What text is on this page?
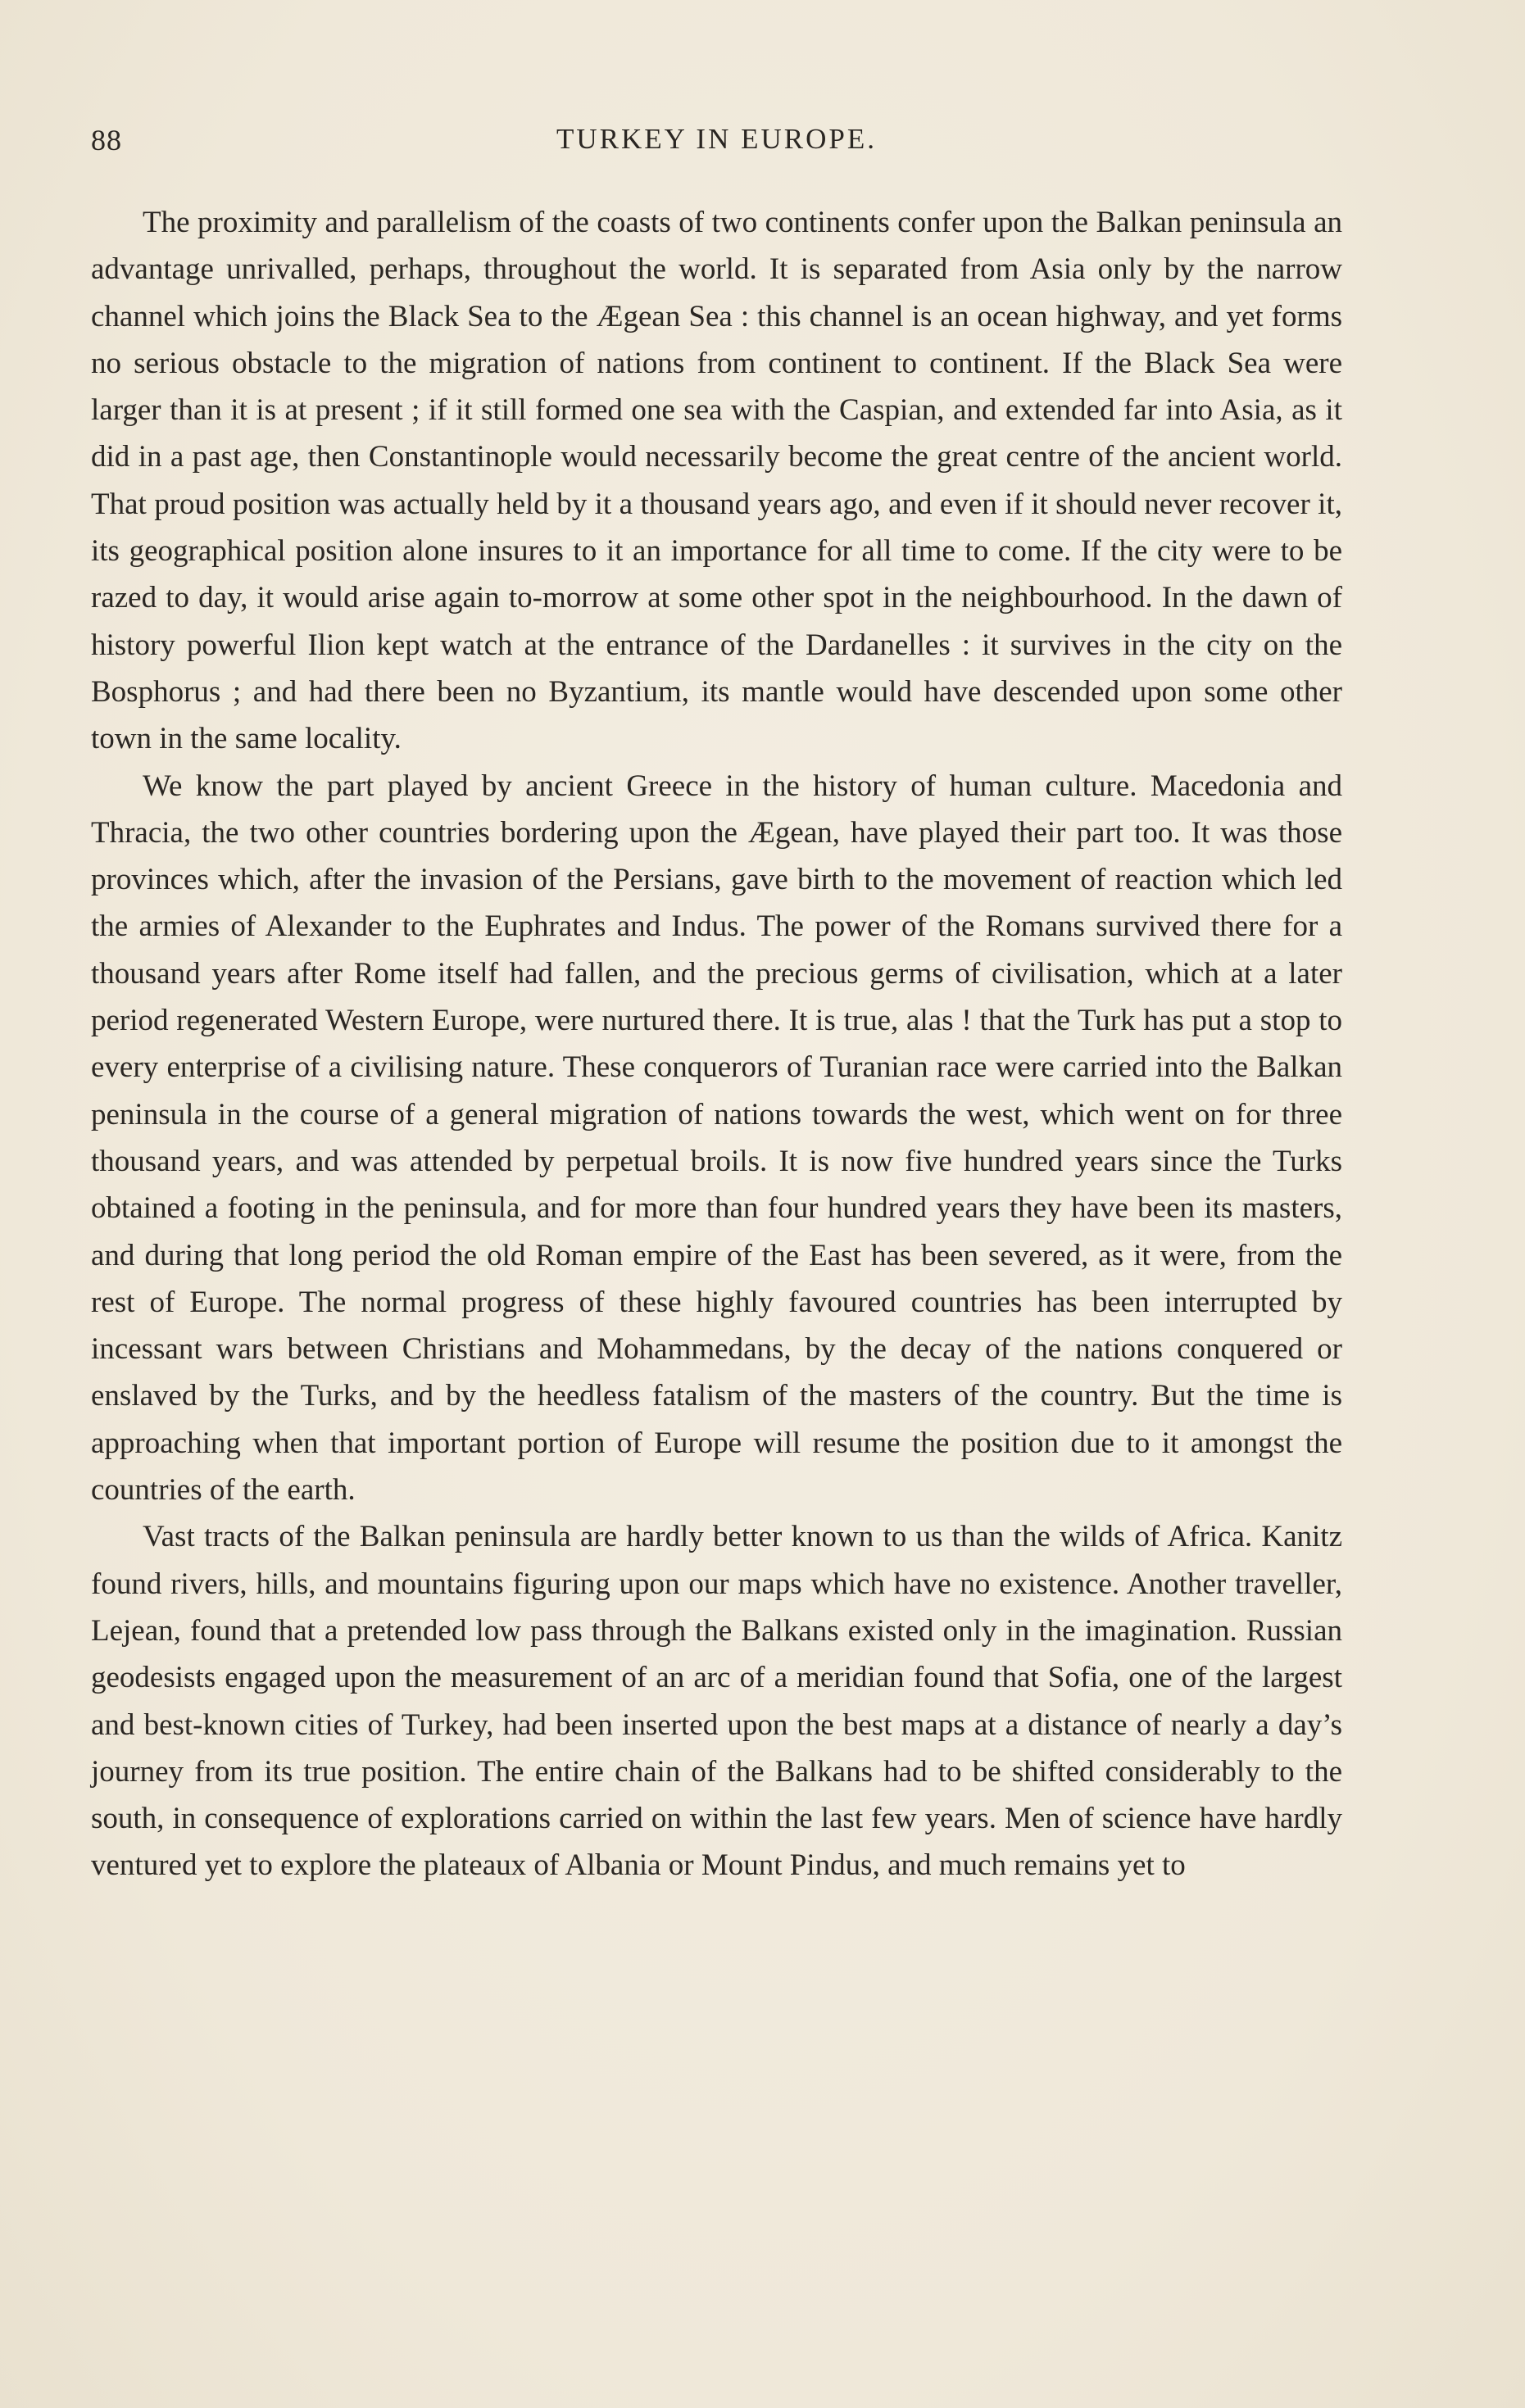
88	TURKEY IN EUROPE.

The proximity and parallelism of the coasts of two continents confer upon the Balkan peninsula an advantage unrivalled, perhaps, throughout the world. It is separated from Asia only by the narrow channel which joins the Black Sea to the Ægean Sea : this channel is an ocean highway, and yet forms no serious obstacle to the migration of nations from continent to continent. If the Black Sea were larger than it is at present ; if it still formed one sea with the Caspian, and extended far into Asia, as it did in a past age, then Constantinople would necessarily become the great centre of the ancient world. That proud position was actually held by it a thousand years ago, and even if it should never recover it, its geographical position alone insures to it an importance for all time to come. If the city were to be razed to day, it would arise again to-morrow at some other spot in the neighbourhood. In the dawn of history powerful Ilion kept watch at the entrance of the Dardanelles : it survives in the city on the Bosphorus ; and had there been no Byzantium, its mantle would have descended upon some other town in the same locality.

We know the part played by ancient Greece in the history of human culture. Macedonia and Thracia, the two other countries bordering upon the Ægean, have played their part too. It was those provinces which, after the invasion of the Persians, gave birth to the movement of reaction which led the armies of Alexander to the Euphrates and Indus. The power of the Romans survived there for a thousand years after Rome itself had fallen, and the precious germs of civilisation, which at a later period regenerated Western Europe, were nurtured there. It is true, alas ! that the Turk has put a stop to every enterprise of a civilising nature. These conquerors of Turanian race were carried into the Balkan peninsula in the course of a general migration of nations towards the west, which went on for three thousand years, and was attended by perpetual broils. It is now five hundred years since the Turks obtained a footing in the peninsula, and for more than four hundred years they have been its masters, and during that long period the old Roman empire of the East has been severed, as it were, from the rest of Europe. The normal progress of these highly favoured countries has been interrupted by incessant wars between Christians and Mohammedans, by the decay of the nations conquered or enslaved by the Turks, and by the heedless fatalism of the masters of the country. But the time is approaching when that important portion of Europe will resume the position due to it amongst the countries of the earth.

Vast tracts of the Balkan peninsula are hardly better known to us than the wilds of Africa. Kanitz found rivers, hills, and mountains figuring upon our maps which have no existence. Another traveller, Lejean, found that a pretended low pass through the Balkans existed only in the imagination. Russian geodesists engaged upon the measurement of an arc of a meridian found that Sofia, one of the largest and best-known cities of Turkey, had been inserted upon the best maps at a distance of nearly a day’s journey from its true position. The entire chain of the Balkans had to be shifted considerably to the south, in consequence of explorations carried on within the last few years. Men of science have hardly ventured yet to explore the plateaux of Albania or Mount Pindus, and much remains yet to
